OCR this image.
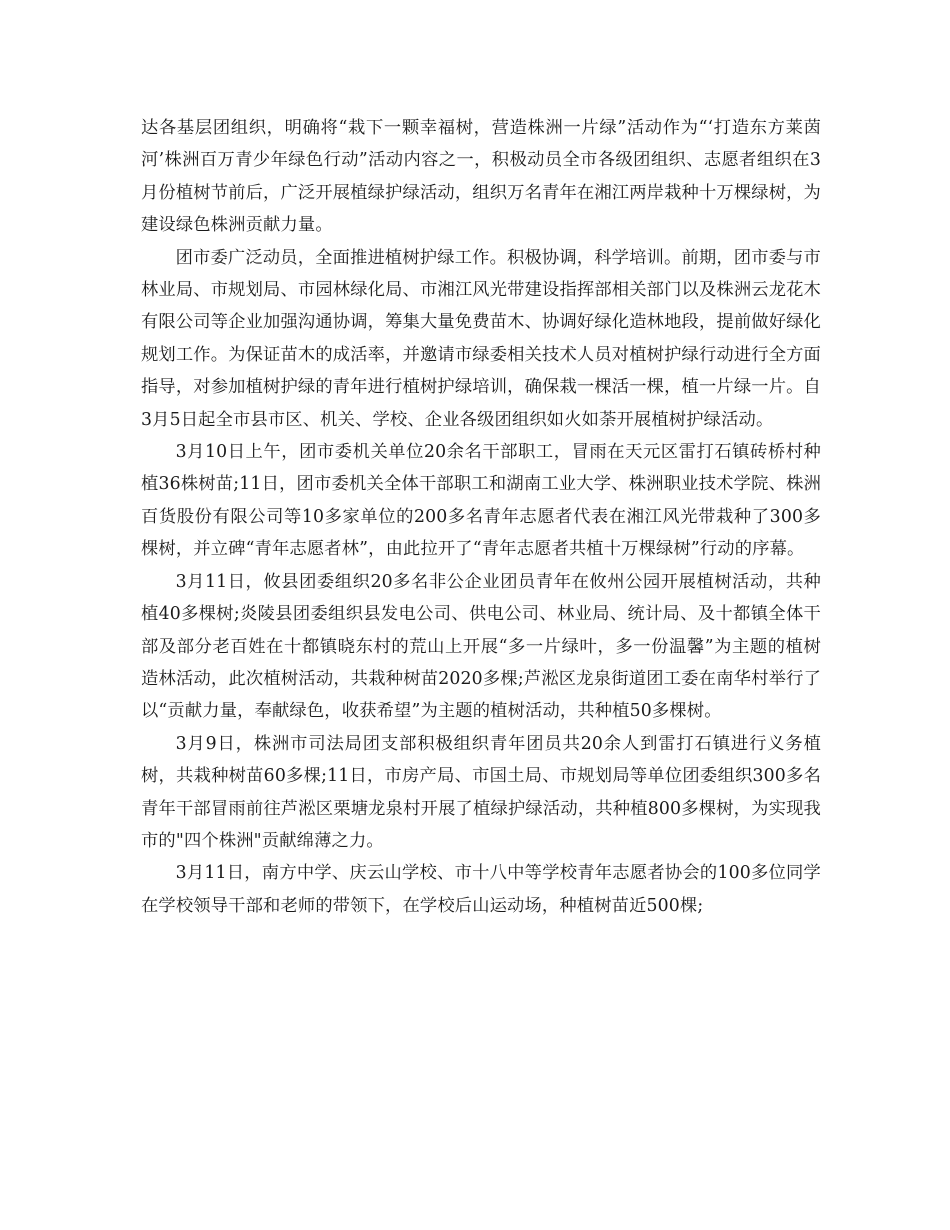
达各基层团组织，明确将“栽下一颗幸福树，营造株洲一片绿”活动作为“‘打造东方莱茵河’株洲百万青少年绿色行动”活动内容之一，积极动员全市各级团组织、志愿者组织在3月份植树节前后，广泛开展植绿护绿活动，组织万名青年在湘江两岸栽种十万棵绿树，为建设绿色株洲贡献力量。

团市委广泛动员，全面推进植树护绿工作。积极协调，科学培训。前期，团市委与市林业局、市规划局、市园林绿化局、市湘江风光带建设指挥部相关部门以及株洲云龙花木有限公司等企业加强沟通协调，筹集大量免费苗木、协调好绿化造林地段，提前做好绿化规划工作。为保证苗木的成活率，并邀请市绿委相关技术人员对植树护绿行动进行全方面指导，对参加植树护绿的青年进行植树护绿培训，确保栽一棵活一棵，植一片绿一片。自3月5日起全市县市区、机关、学校、企业各级团组织如火如荼开展植树护绿活动。

3月10日上午，团市委机关单位20余名干部职工，冒雨在天元区雷打石镇砖桥村种植36株树苗;11日，团市委机关全体干部职工和湖南工业大学、株洲职业技术学院、株洲百货股份有限公司等10多家单位的200多名青年志愿者代表在湘江风光带栽种了300多棵树，并立碑“青年志愿者林”，由此拉开了“青年志愿者共植十万棵绿树”行动的序幕。

3月11日，攸县团委组织20多名非公企业团员青年在攸州公园开展植树活动，共种植40多棵树;炎陵县团委组织县发电公司、供电公司、林业局、统计局、及十都镇全体干部及部分老百姓在十都镇晓东村的荒山上开展“多一片绿叶，多一份温馨”为主题的植树造林活动，此次植树活动，共栽种树苗2020多棵;芦淞区龙泉街道团工委在南华村举行了以“贡献力量，奉献绿色，收获希望”为主题的植树活动，共种植50多棵树。

3月9日，株洲市司法局团支部积极组织青年团员共20余人到雷打石镇进行义务植树，共栽种树苗60多棵;11日，市房产局、市国土局、市规划局等单位团委组织300多名青年干部冒雨前往芦淞区栗塘龙泉村开展了植绿护绿活动，共种植800多棵树，为实现我市的"四个株洲"贡献绵薄之力。

3月11日，南方中学、庆云山学校、市十八中等学校青年志愿者协会的100多位同学在学校领导干部和老师的带领下，在学校后山运动场，种植树苗近500棵;
